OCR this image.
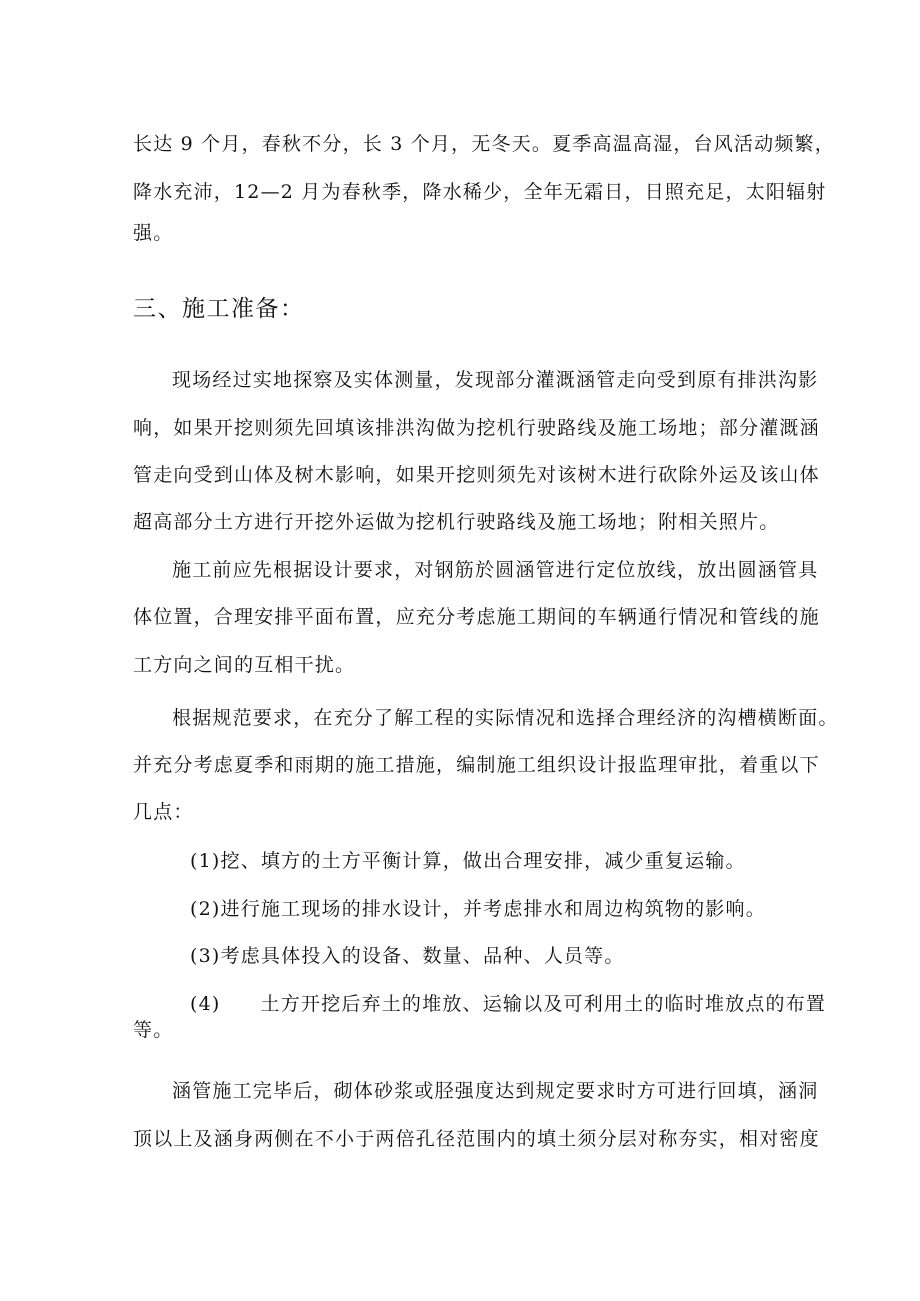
长达 9 个月，春秋不分，长 3 个月，无冬天。夏季高温高湿，台风活动频繁，
降水充沛，12—2 月为春秋季，降水稀少，全年无霜日，日照充足，太阳辐射
强。
三、施工准备：
现场经过实地探察及实体测量，发现部分灌溉涵管走向受到原有排洪沟影
响，如果开挖则须先回填该排洪沟做为挖机行驶路线及施工场地；部分灌溉涵
管走向受到山体及树木影响，如果开挖则须先对该树木进行砍除外运及该山体
超高部分土方进行开挖外运做为挖机行驶路线及施工场地；附相关照片。
施工前应先根据设计要求，对钢筋於圆涵管进行定位放线，放出圆涵管具
体位置，合理安排平面布置，应充分考虑施工期间的车辆通行情况和管线的施
工方向之间的互相干扰。
根据规范要求，在充分了解工程的实际情况和选择合理经济的沟槽横断面。
并充分考虑夏季和雨期的施工措施，编制施工组织设计报监理审批，着重以下
几点：
(1)挖、填方的土方平衡计算，做出合理安排，减少重复运输。
(2)进行施工现场的排水设计，并考虑排水和周边构筑物的影响。
(3)考虑具体投入的设备、数量、品种、人员等。
(4) 土方开挖后弃土的堆放、运输以及可利用土的临时堆放点的布置
等。
涵管施工完毕后，砌体砂浆或胫强度达到规定要求时方可进行回填，涵洞
顶以上及涵身两侧在不小于两倍孔径范围内的填土须分层对称夯实，相对密度
